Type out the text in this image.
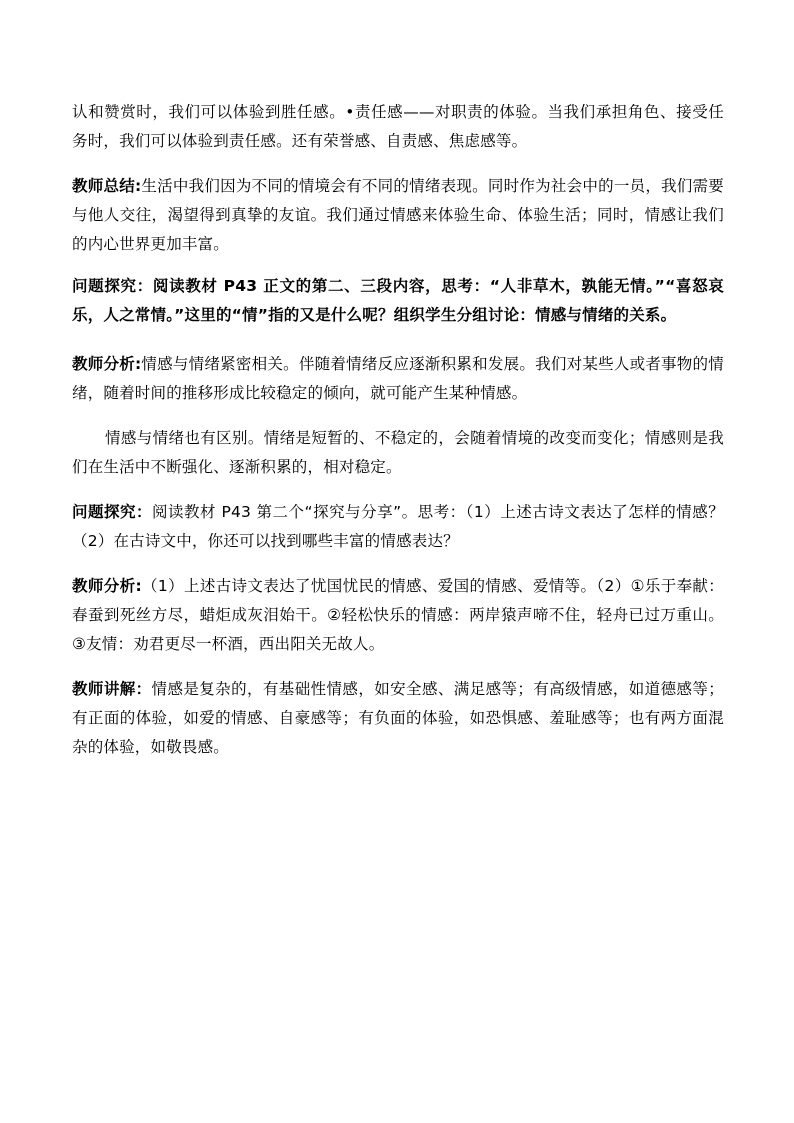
认和赞赏时，我们可以体验到胜任感。•责任感——对职责的体验。当我们承担角色、接受任务时，我们可以体验到责任感。还有荣誉感、自责感、焦虑感等。

教师总结:生活中我们因为不同的情境会有不同的情绪表现。同时作为社会中的一员，我们需要与他人交往，渴望得到真挚的友谊。我们通过情感来体验生命、体验生活；同时，情感让我们的内心世界更加丰富。

问题探究：阅读教材 P43 正文的第二、三段内容，思考：“人非草木，孰能无情。”“喜怒哀乐，人之常情。”这里的“情”指的又是什么呢？组织学生分组讨论：情感与情绪的关系。

教师分析:情感与情绪紧密相关。伴随着情绪反应逐渐积累和发展。我们对某些人或者事物的情绪，随着时间的推移形成比较稳定的倾向，就可能产生某种情感。

情感与情绪也有区别。情绪是短暂的、不稳定的，会随着情境的改变而变化；情感则是我们在生活中不断强化、逐渐积累的，相对稳定。

问题探究：阅读教材 P43 第二个“探究与分享”。思考：（1）上述古诗文表达了怎样的情感？（2）在古诗文中，你还可以找到哪些丰富的情感表达？

教师分析:（1）上述古诗文表达了忧国忧民的情感、爱国的情感、爱情等。（2）①乐于奉献：春蚕到死丝方尽，蜡炬成灰泪始干。②轻松快乐的情感：两岸猿声啼不住，轻舟已过万重山。③友情：劝君更尽一杯酒，西出阳关无故人。

教师讲解：情感是复杂的，有基础性情感，如安全感、满足感等；有高级情感，如道德感等；有正面的体验，如爱的情感、自豪感等；有负面的体验，如恐惧感、羞耻感等；也有两方面混杂的体验，如敬畏感。
